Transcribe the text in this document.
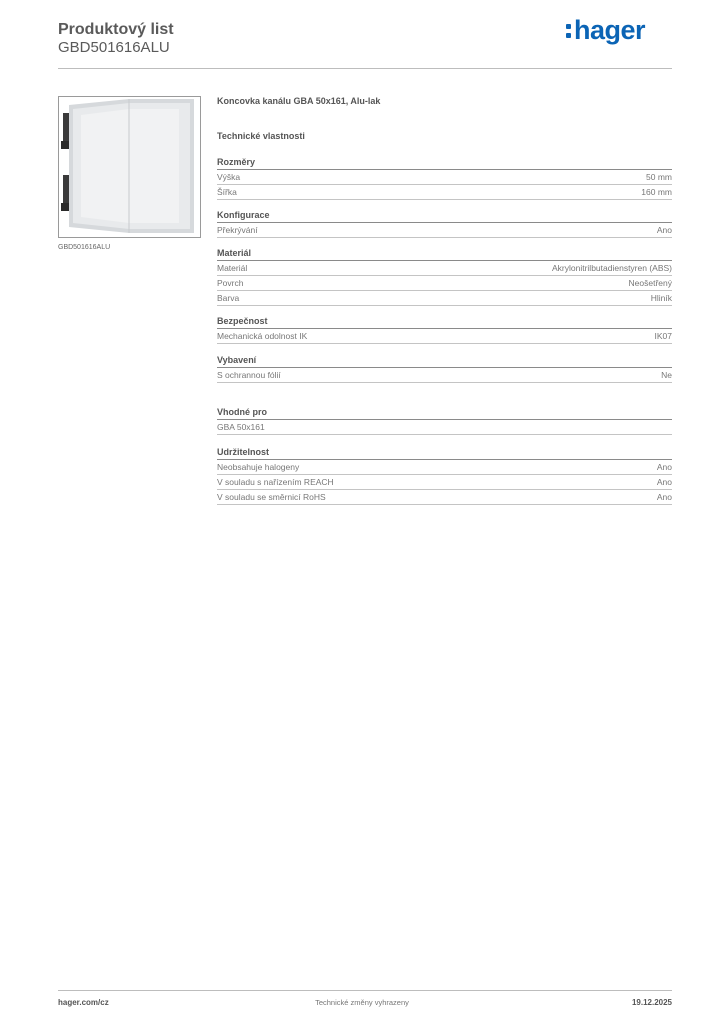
Produktový list
GBD501616ALU
hager
GBD501616ALU
Koncovka kanálu GBA 50x161, Alu-lak
Technické vlastnosti
Rozměry
Výška	50 mm
Šířka	160 mm
Konfigurace
Překrývání	Ano
Materiál
Materiál	Akrylonitrilbutadienstyren (ABS)
Povrch	Neošetřený
Barva	Hliník
Bezpečnost
Mechanická odolnost IK	IK07
Vybavení
S ochrannou fólií	Ne
Vhodné pro
GBA 50x161
Udržitelnost
Neobsahuje halogeny	Ano
V souladu s nařízením REACH	Ano
V souladu se směrnicí RoHS	Ano
hager.com/cz	Technické změny vyhrazeny	19.12.2025
